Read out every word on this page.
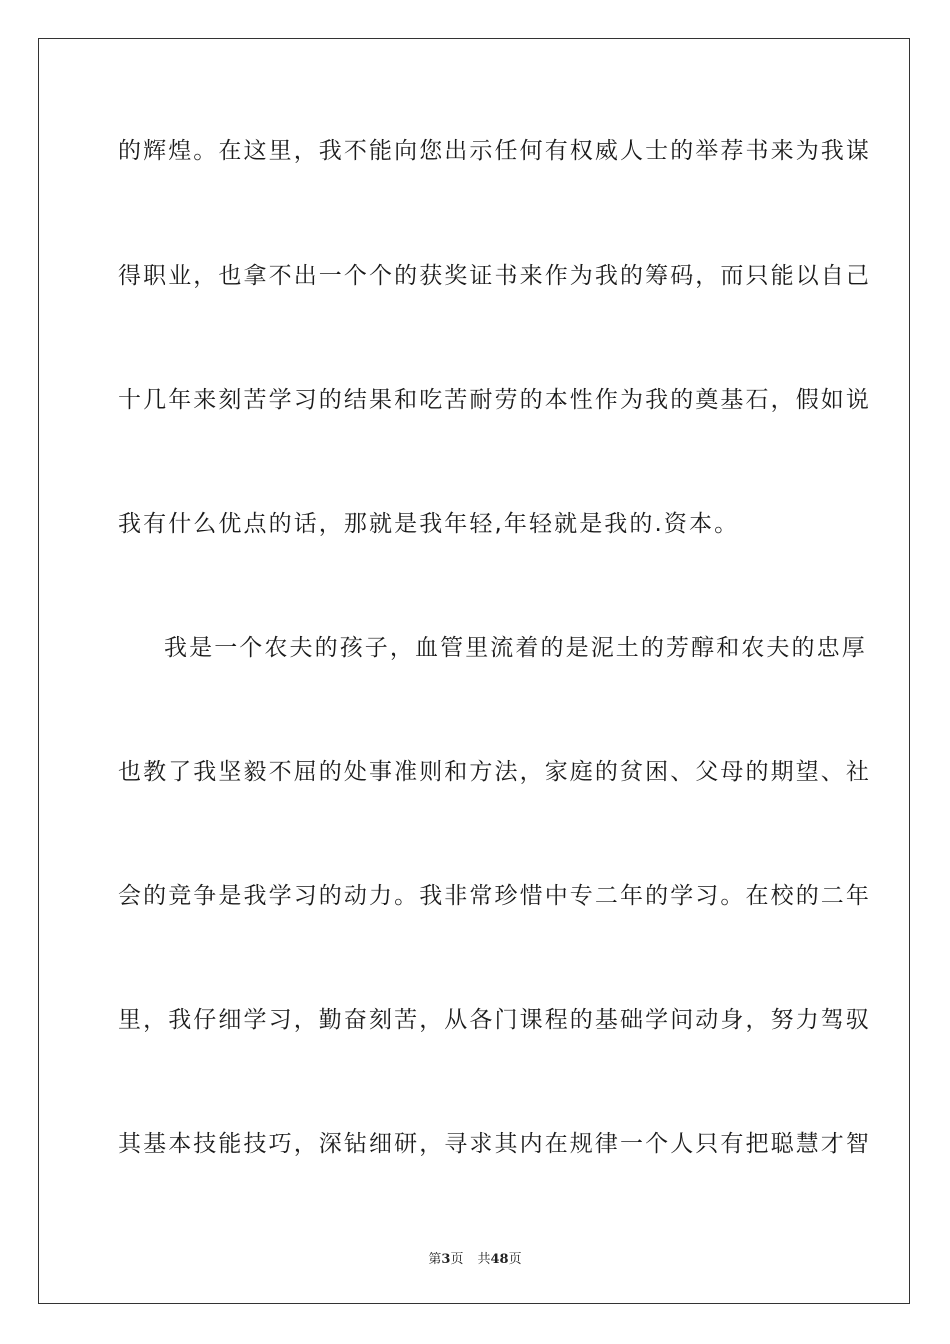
的辉煌。在这里，我不能向您出示任何有权威人士的举荐书来为我谋
得职业，也拿不出一个个的获奖证书来作为我的筹码，而只能以自己
十几年来刻苦学习的结果和吃苦耐劳的本性作为我的奠基石，假如说
我有什么优点的话，那就是我年轻,年轻就是我的.资本。
我是一个农夫的孩子，血管里流着的是泥土的芳醇和农夫的忠厚
也教了我坚毅不屈的处事准则和方法，家庭的贫困、父母的期望、社
会的竞争是我学习的动力。我非常珍惜中专二年的学习。在校的二年
里，我仔细学习，勤奋刻苦，从各门课程的基础学问动身，努力驾驭
其基本技能技巧，深钻细研，寻求其内在规律一个人只有把聪慧才智
第3页 共48页
